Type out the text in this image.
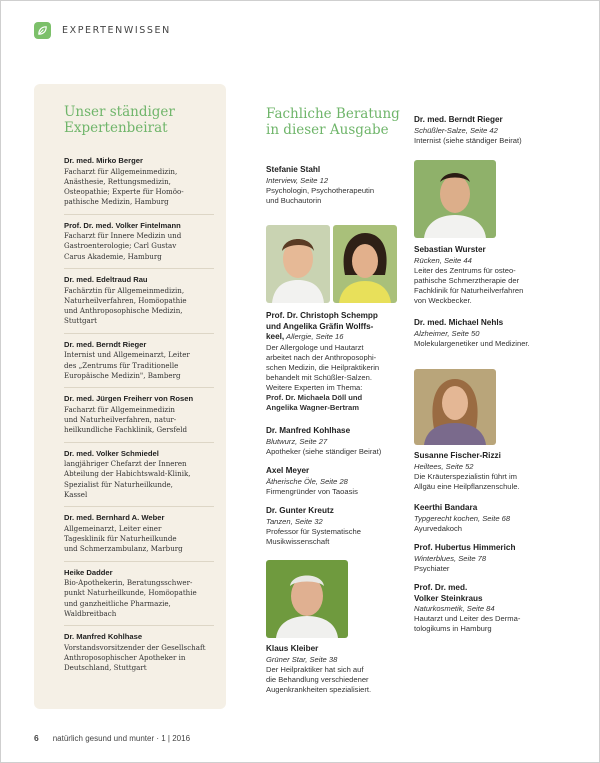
EXPERTENWISSEN
Unser ständiger
Expertenbeirat
Dr. med. Mirko Berger
Facharzt für Allgemeinmedizin,
Anästhesie, Rettungsmedizin,
Osteopathie; Experte für Homöo-
pathische Medizin, Hamburg
Prof. Dr. med. Volker Fintelmann
Facharzt für Innere Medizin und
Gastroenterologie; Carl Gustav
Carus Akademie, Hamburg
Dr. med. Edeltraud Rau
Fachärztin für Allgemeinmedizin,
Naturheilverfahren, Homöopathie
und Anthroposophische Medizin,
Stuttgart
Dr. med. Berndt Rieger
Internist und Allgemeinarzt, Leiter
des „Zentrums für Traditionelle
Europäische Medizin", Bamberg
Dr. med. Jürgen Freiherr von Rosen
Facharzt für Allgemeinmedizin
und Naturheilverfahren, natur-
heilkundliche Fachklinik, Gersfeld
Dr. med. Volker Schmiedel
langjähriger Chefarzt der Inneren
Abteilung der Habichtswald-Klinik,
Spezialist für Naturheilkunde,
Kassel
Dr. med. Bernhard A. Weber
Allgemeinarzt, Leiter einer
Tagesklinik für Naturheilkunde
und Schmerzambulanz, Marburg
Heike Dadder
Bio-Apothekerin, Beratungsschwer-
punkt Naturheilkunde, Homöopathie
und ganzheitliche Pharmazie,
Waldbreitbach
Dr. Manfred Kohlhase
Vorstandsvorsitzender der Gesellschaft
Anthroposophischer Apotheker in
Deutschland, Stuttgart
Fachliche Beratung
in dieser Ausgabe
Stefanie Stahl
Interview, Seite 12
Psychologin, Psychotherapeutin
und Buchautorin
Prof. Dr. Christoph Schempp
und Angelika Gräfin Wolffs-
keel, Allergie, Seite 16
Der Allergologe und Hautarzt
arbeitet nach der Anthroposophi-
schen Medizin, die Heilpraktikerin
behandelt mit Schüßler-Salzen.
Weitere Experten im Thema:
Prof. Dr. Michaela Döll und
Angelika Wagner-Bertram
Dr. Manfred Kohlhase
Blutwurz, Seite 27
Apotheker (siehe ständiger Beirat)
Axel Meyer
Ätherische Öle, Seite 28
Firmengründer von Taoasis
Dr. Gunter Kreutz
Tanzen, Seite 32
Professor für Systematische
Musikwissenschaft
Klaus Kleiber
Grüner Star, Seite 38
Der Heilpraktiker hat sich auf
die Behandlung verschiedener
Augenkrankheiten spezialisiert.
Dr. med. Berndt Rieger
Schüßler-Salze, Seite 42
Internist (siehe ständiger Beirat)
Sebastian Wurster
Rücken, Seite 44
Leiter des Zentrums für osteo-
pathische Schmerztherapie der
Fachklinik für Naturheilverfahren
von Weckbecker.
Dr. med. Michael Nehls
Alzheimer, Seite 50
Molekulargenetiker und Mediziner.
Susanne Fischer-Rizzi
Heiltees, Seite 52
Die Kräuterspezialistin führt im
Allgäu eine Heilpflanzenschule.
Keerthi Bandara
Typgerecht kochen, Seite 68
Ayurvedakoch
Prof. Hubertus Himmerich
Winterblues, Seite 78
Psychiater
Prof. Dr. med.
Volker Steinkraus
Naturkosmetik, Seite 84
Hautarzt und Leiter des Derma-
tologikums in Hamburg
6 natürlich gesund und munter · 1 | 2016
